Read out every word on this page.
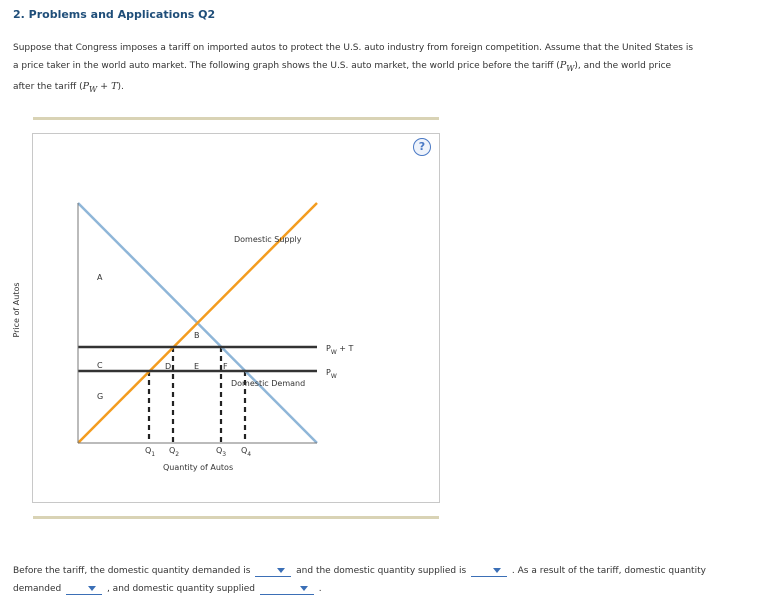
2. Problems and Applications Q2
Suppose that Congress imposes a tariff on imported autos to protect the U.S. auto industry from foreign competition. Assume that the United States is
a price taker in the world auto market. The following graph shows the U.S. auto market, the world price before the tariff $(P_W)$, and the world price
after the tariff $(P_W + T)$.
?
Price of Autos
Domestic Supply
Domestic Demand
A
B
C	D	E	F
G
$P_W + T$
$P_W$
$Q_1$ $Q_2$	$Q_3$ $Q_4$
Quantity of Autos
Before the tariff, the domestic quantity demanded is	and the domestic quantity supplied is	. As a result of the tariff, domestic quantity
demanded	, and domestic quantity supplied	.
